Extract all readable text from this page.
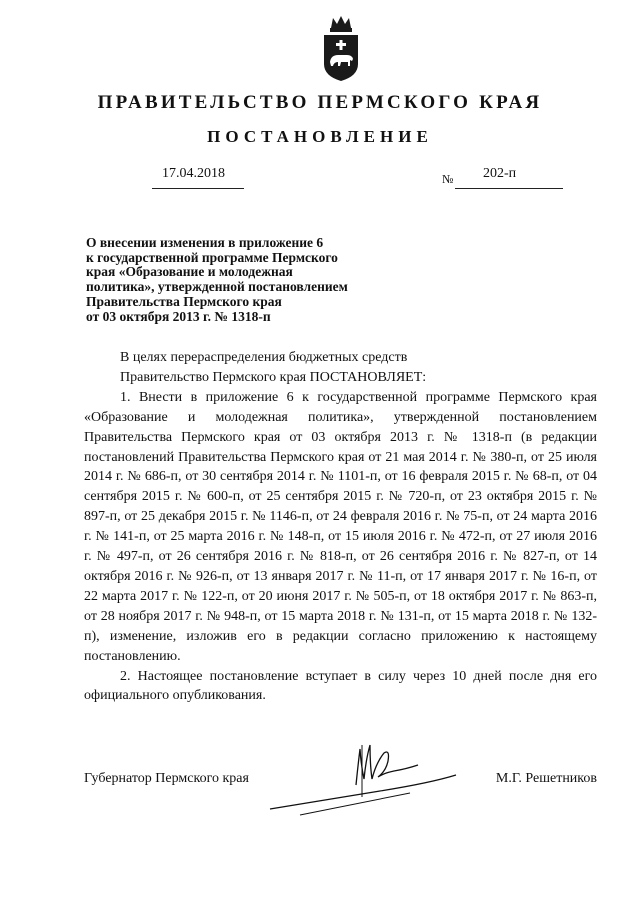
ПРАВИТЕЛЬСТВО ПЕРМСКОГО КРАЯ
ПОСТАНОВЛЕНИЕ
17.04.2018	№ 202-п
О внесении изменения в приложение 6
к государственной программе Пермского
края «Образование и молодежная
политика», утвержденной постановлением
Правительства Пермского края
от 03 октября 2013 г. № 1318-п

В целях перераспределения бюджетных средств

Правительство Пермского края ПОСТАНОВЛЯЕТ:

1. Внести в приложение 6 к государственной программе Пермского края «Образование и молодежная политика», утвержденной постановлением Правительства Пермского края от 03 октября 2013 г. № 1318-п (в редакции постановлений Правительства Пермского края от 21 мая 2014 г. № 380-п, от 25 июля 2014 г. № 686-п, от 30 сентября 2014 г. № 1101-п, от 16 февраля 2015 г. № 68-п, от 04 сентября 2015 г. № 600-п, от 25 сентября 2015 г. № 720-п, от 23 октября 2015 г. № 897-п, от 25 декабря 2015 г. № 1146-п, от 24 февраля 2016 г. № 75-п, от 24 марта 2016 г. № 141-п, от 25 марта 2016 г. № 148-п, от 15 июля 2016 г. № 472-п, от 27 июля 2016 г. № 497-п, от 26 сентября 2016 г. № 818-п, от 26 сентября 2016 г. № 827-п, от 14 октября 2016 г. № 926-п, от 13 января 2017 г. № 11-п, от 17 января 2017 г. № 16-п, от 22 марта 2017 г. № 122-п, от 20 июня 2017 г. № 505-п, от 18 октября 2017 г. № 863-п, от 28 ноября 2017 г. № 948-п, от 15 марта 2018 г. № 131-п, от 15 марта 2018 г. № 132-п), изменение, изложив его в редакции согласно приложению к настоящему постановлению.

2. Настоящее постановление вступает в силу через 10 дней после дня его официального опубликования.

Губернатор Пермского края	М.Г. Решетников
